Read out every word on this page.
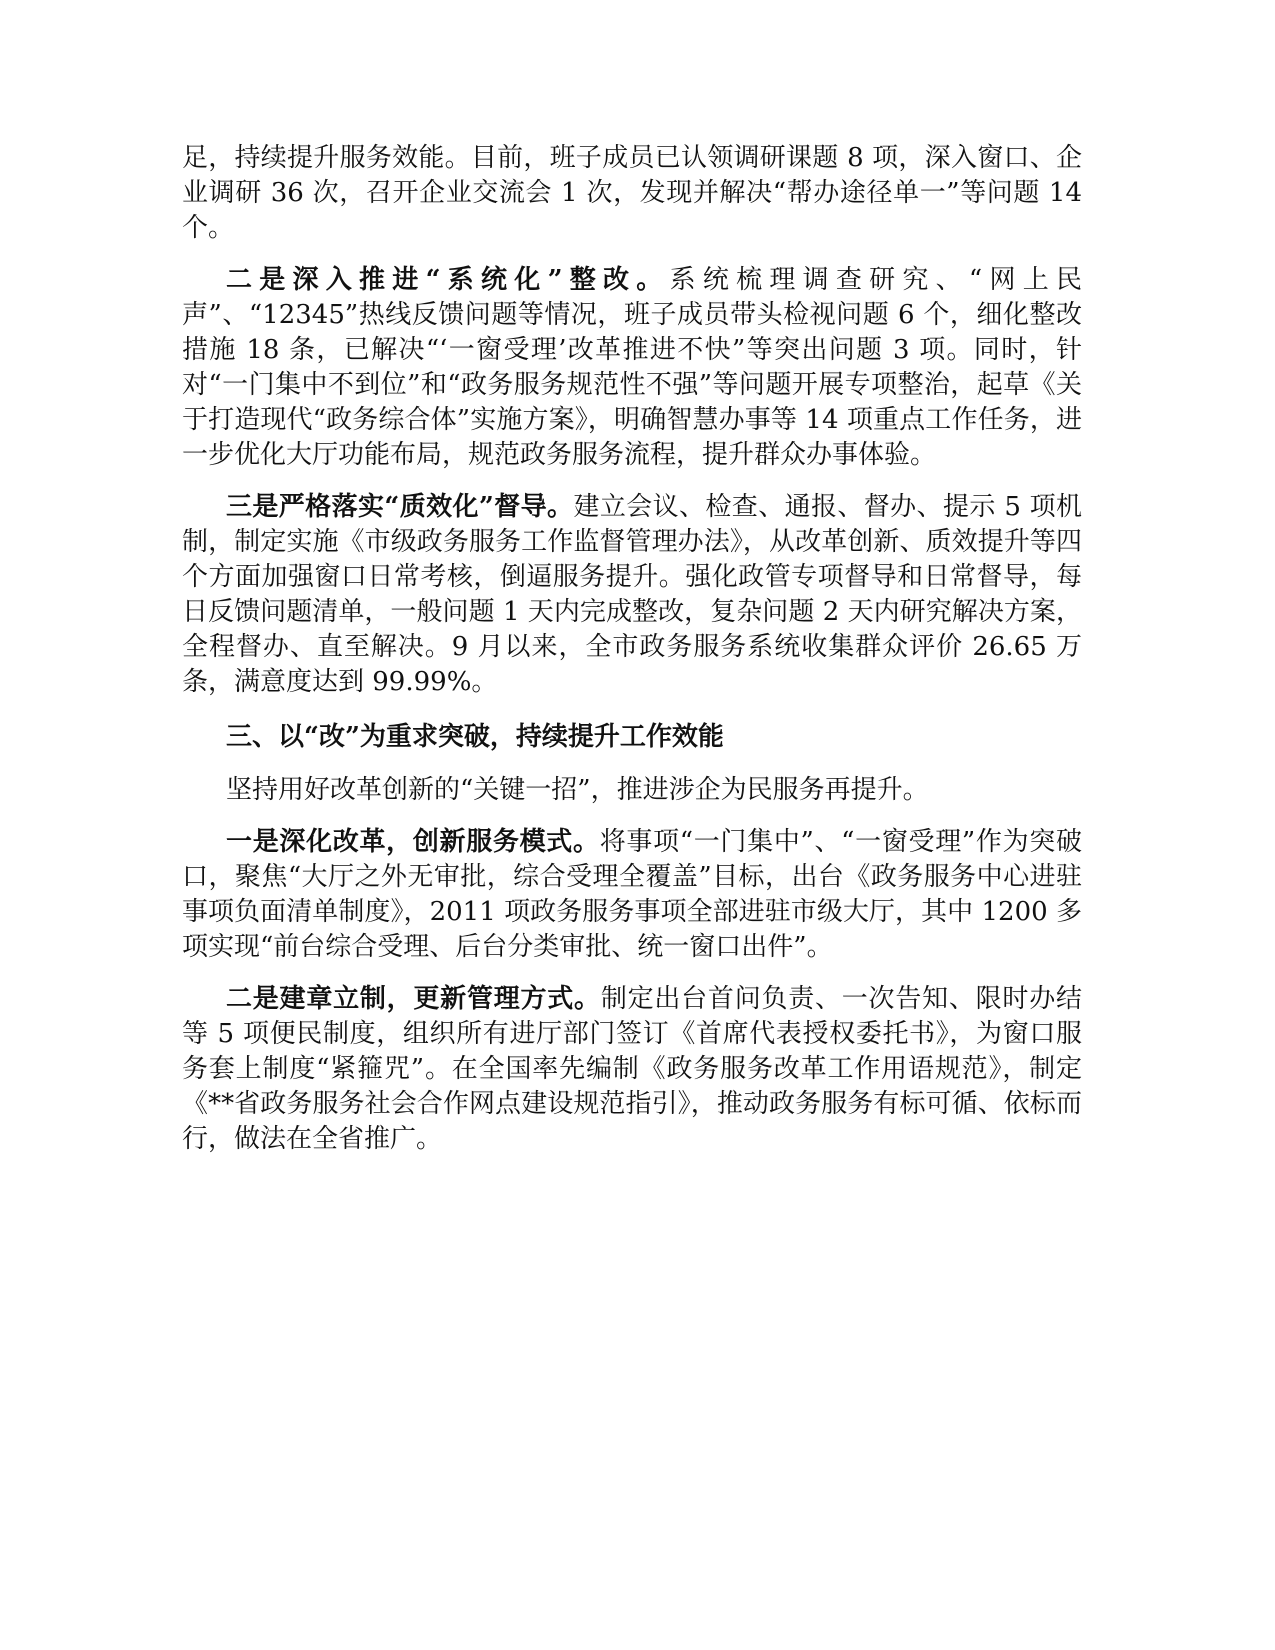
足，持续提升服务效能。目前，班子成员已认领调研课题 8 项，深入窗口、企业调研 36 次，召开企业交流会 1 次，发现并解决“帮办途径单一”等问题 14 个。

二是深入推进“系统化”整改。系统梳理调查研究、“网上民声”、“12345”热线反馈问题等情况，班子成员带头检视问题 6 个，细化整改措施 18 条，已解决“‘一窗受理’改革推进不快”等突出问题 3 项。同时，针对“一门集中不到位”和“政务服务规范性不强”等问题开展专项整治，起草《关于打造现代“政务综合体”实施方案》，明确智慧办事等 14 项重点工作任务，进一步优化大厅功能布局，规范政务服务流程，提升群众办事体验。

三是严格落实“质效化”督导。建立会议、检查、通报、督办、提示 5 项机制，制定实施《市级政务服务工作监督管理办法》，从改革创新、质效提升等四个方面加强窗口日常考核，倒逼服务提升。强化政管专项督导和日常督导，每日反馈问题清单，一般问题 1 天内完成整改，复杂问题 2 天内研究解决方案，全程督办、直至解决。9 月以来，全市政务服务系统收集群众评价 26.65 万条，满意度达到 99.99%。

三、以“改”为重求突破，持续提升工作效能

坚持用好改革创新的“关键一招”，推进涉企为民服务再提升。

一是深化改革，创新服务模式。将事项“一门集中”、“一窗受理”作为突破口，聚焦“大厅之外无审批，综合受理全覆盖”目标，出台《政务服务中心进驻事项负面清单制度》，2011 项政务服务事项全部进驻市级大厅，其中 1200 多项实现“前台综合受理、后台分类审批、统一窗口出件”。

二是建章立制，更新管理方式。制定出台首问负责、一次告知、限时办结等 5 项便民制度，组织所有进厅部门签订《首席代表授权委托书》，为窗口服务套上制度“紧箍咒”。在全国率先编制《政务服务改革工作用语规范》，制定《**省政务服务社会合作网点建设规范指引》，推动政务服务有标可循、依标而行，做法在全省推广。
